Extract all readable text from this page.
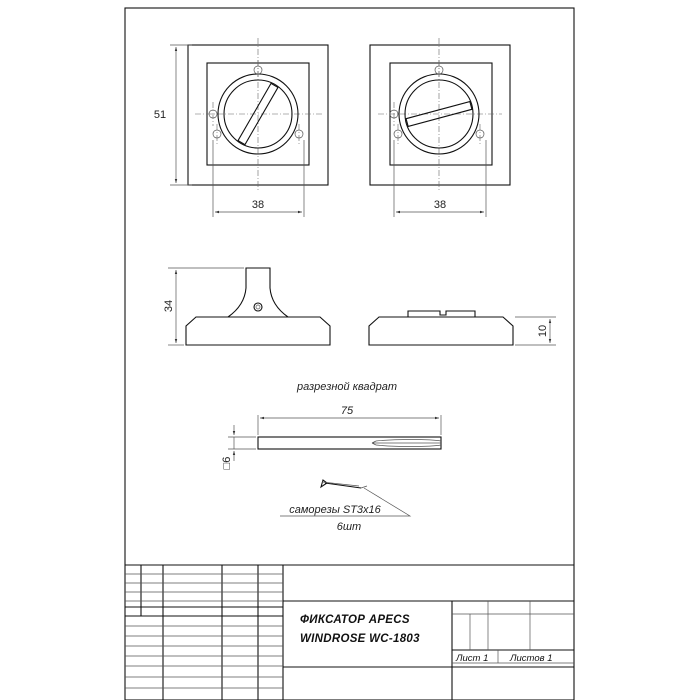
51
38	38
34
10
разрезной квадрат
75
□6
саморезы ST3x16
6шт
ФИКСАТОР APECS
WINDROSE WC-1803
Лист 1 Листов 1
